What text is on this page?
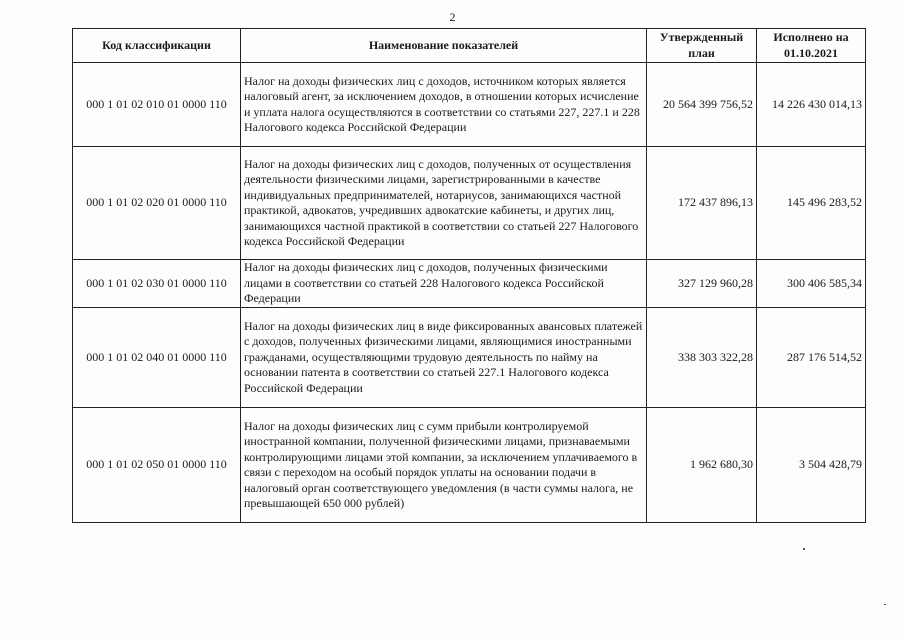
2
Код классификации	Наименование показателей	Утвержденный план	Исполнено на 01.10.2021
000 1 01 02 010 01 0000 110	Налог на доходы физических лиц с доходов, источником которых является налоговый агент, за исключением доходов, в отношении которых исчисление и уплата налога осуществляются в соответствии со статьями 227, 227.1 и 228 Налогового кодекса Российской Федерации	20 564 399 756,52	14 226 430 014,13
000 1 01 02 020 01 0000 110	Налог на доходы физических лиц с доходов, полученных от осуществления деятельности физическими лицами, зарегистрированными в качестве индивидуальных предпринимателей, нотариусов, занимающихся частной практикой, адвокатов, учредивших адвокатские кабинеты, и других лиц, занимающихся частной практикой в соответствии со статьей 227 Налогового кодекса Российской Федерации	172 437 896,13	145 496 283,52
000 1 01 02 030 01 0000 110	Налог на доходы физических лиц с доходов, полученных физическими лицами в соответствии со статьей 228 Налогового кодекса Российской Федерации	327 129 960,28	300 406 585,34
000 1 01 02 040 01 0000 110	Налог на доходы физических лиц в виде фиксированных авансовых платежей с доходов, полученных физическими лицами, являющимися иностранными гражданами, осуществляющими трудовую деятельность по найму на основании патента в соответствии со статьей 227.1 Налогового кодекса Российской Федерации	338 303 322,28	287 176 514,52
000 1 01 02 050 01 0000 110	Налог на доходы физических лиц с сумм прибыли контролируемой иностранной компании, полученной физическими лицами, признаваемыми контролирующими лицами этой компании, за исключением уплачиваемого в связи с переходом на особый порядок уплаты на основании подачи в налоговый орган соответствующего уведомления (в части суммы налога, не превышающей 650 000 рублей)	1 962 680,30	3 504 428,79
